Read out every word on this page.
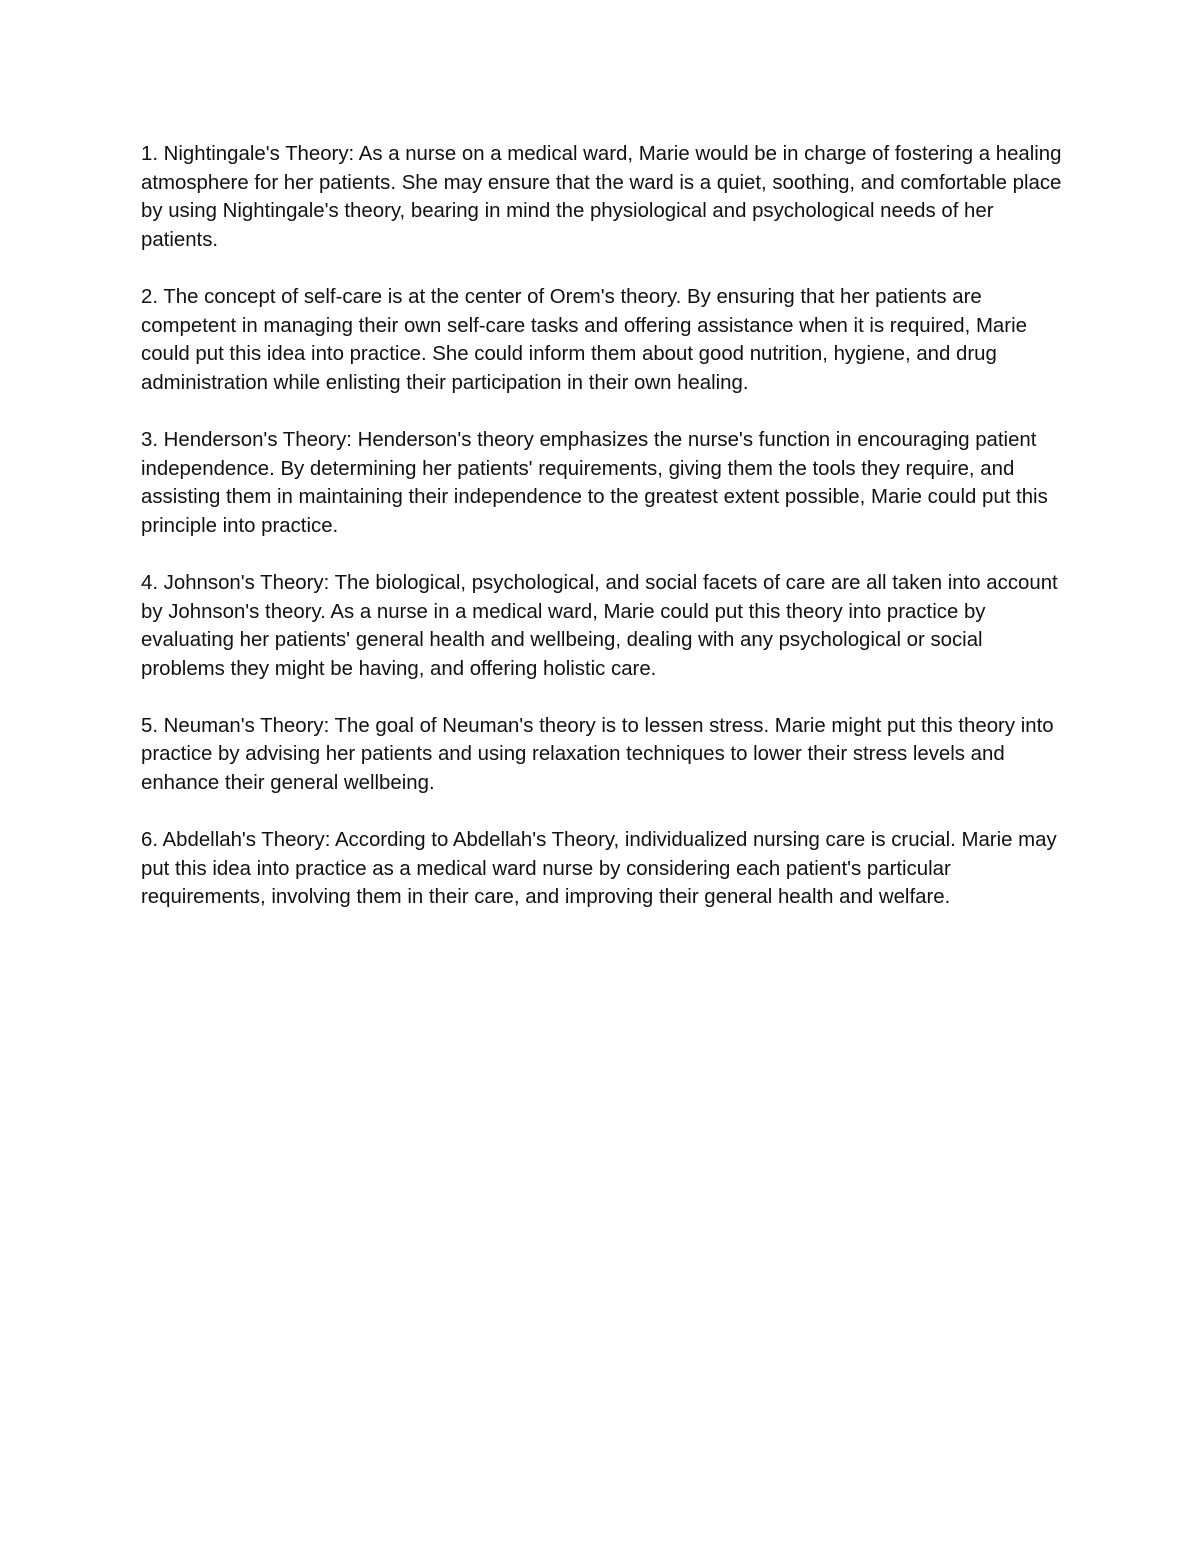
1. Nightingale's Theory: As a nurse on a medical ward, Marie would be in charge of fostering a healing atmosphere for her patients. She may ensure that the ward is a quiet, soothing, and comfortable place by using Nightingale's theory, bearing in mind the physiological and psychological needs of her patients.

2. The concept of self-care is at the center of Orem's theory. By ensuring that her patients are competent in managing their own self-care tasks and offering assistance when it is required, Marie could put this idea into practice. She could inform them about good nutrition, hygiene, and drug administration while enlisting their participation in their own healing.

3. Henderson's Theory: Henderson's theory emphasizes the nurse's function in encouraging patient independence. By determining her patients' requirements, giving them the tools they require, and assisting them in maintaining their independence to the greatest extent possible, Marie could put this principle into practice.

4. Johnson's Theory: The biological, psychological, and social facets of care are all taken into account by Johnson's theory. As a nurse in a medical ward, Marie could put this theory into practice by evaluating her patients' general health and wellbeing, dealing with any psychological or social problems they might be having, and offering holistic care.

5. Neuman's Theory: The goal of Neuman's theory is to lessen stress. Marie might put this theory into practice by advising her patients and using relaxation techniques to lower their stress levels and enhance their general wellbeing.

6. Abdellah's Theory: According to Abdellah's Theory, individualized nursing care is crucial. Marie may put this idea into practice as a medical ward nurse by considering each patient's particular requirements, involving them in their care, and improving their general health and welfare.
